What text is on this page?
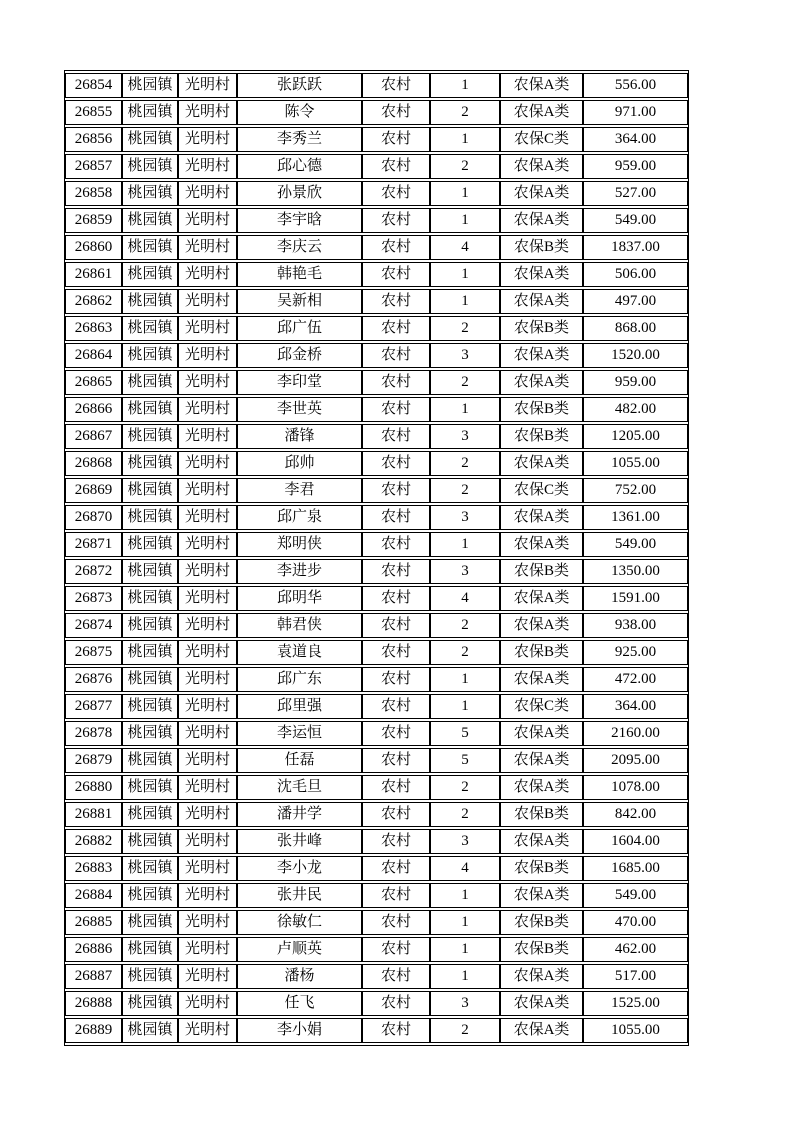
26854	桃园镇	光明村	张跃跃	农村	1	农保A类	556.00
26855	桃园镇	光明村	陈令	农村	2	农保A类	971.00
26856	桃园镇	光明村	李秀兰	农村	1	农保C类	364.00
26857	桃园镇	光明村	邱心德	农村	2	农保A类	959.00
26858	桃园镇	光明村	孙景欣	农村	1	农保A类	527.00
26859	桃园镇	光明村	李宇晗	农村	1	农保A类	549.00
26860	桃园镇	光明村	李庆云	农村	4	农保B类	1837.00
26861	桃园镇	光明村	韩艳毛	农村	1	农保A类	506.00
26862	桃园镇	光明村	吴新相	农村	1	农保A类	497.00
26863	桃园镇	光明村	邱广伍	农村	2	农保B类	868.00
26864	桃园镇	光明村	邱金桥	农村	3	农保A类	1520.00
26865	桃园镇	光明村	李印堂	农村	2	农保A类	959.00
26866	桃园镇	光明村	李世英	农村	1	农保B类	482.00
26867	桃园镇	光明村	潘锋	农村	3	农保B类	1205.00
26868	桃园镇	光明村	邱帅	农村	2	农保A类	1055.00
26869	桃园镇	光明村	李君	农村	2	农保C类	752.00
26870	桃园镇	光明村	邱广泉	农村	3	农保A类	1361.00
26871	桃园镇	光明村	郑明侠	农村	1	农保A类	549.00
26872	桃园镇	光明村	李进步	农村	3	农保B类	1350.00
26873	桃园镇	光明村	邱明华	农村	4	农保A类	1591.00
26874	桃园镇	光明村	韩君侠	农村	2	农保A类	938.00
26875	桃园镇	光明村	袁道良	农村	2	农保B类	925.00
26876	桃园镇	光明村	邱广东	农村	1	农保A类	472.00
26877	桃园镇	光明村	邱里强	农村	1	农保C类	364.00
26878	桃园镇	光明村	李运恒	农村	5	农保A类	2160.00
26879	桃园镇	光明村	任磊	农村	5	农保A类	2095.00
26880	桃园镇	光明村	沈毛旦	农村	2	农保A类	1078.00
26881	桃园镇	光明村	潘井学	农村	2	农保B类	842.00
26882	桃园镇	光明村	张井峰	农村	3	农保A类	1604.00
26883	桃园镇	光明村	李小龙	农村	4	农保B类	1685.00
26884	桃园镇	光明村	张井民	农村	1	农保A类	549.00
26885	桃园镇	光明村	徐敏仁	农村	1	农保B类	470.00
26886	桃园镇	光明村	卢顺英	农村	1	农保B类	462.00
26887	桃园镇	光明村	潘杨	农村	1	农保A类	517.00
26888	桃园镇	光明村	任飞	农村	3	农保A类	1525.00
26889	桃园镇	光明村	李小娟	农村	2	农保A类	1055.00
